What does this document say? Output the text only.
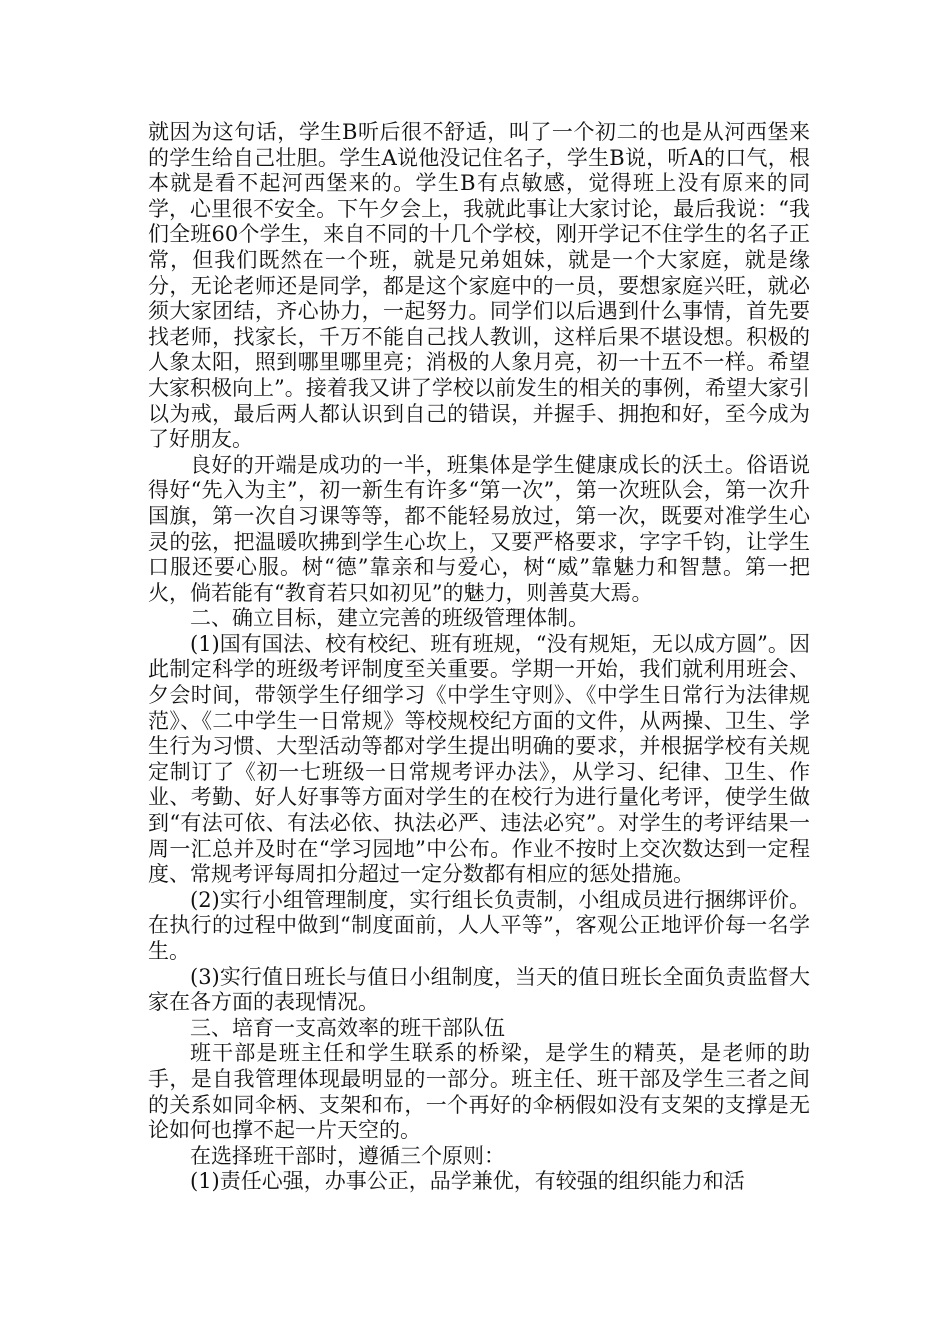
就因为这句话，学生B听后很不舒适，叫了一个初二的也是从河西堡来的学生给自己壮胆。学生A说他没记住名子，学生B说，听A的口气，根本就是看不起河西堡来的。学生B有点敏感，觉得班上没有原来的同学，心里很不安全。下午夕会上，我就此事让大家讨论，最后我说：“我们全班60个学生，来自不同的十几个学校，刚开学记不住学生的名子正常，但我们既然在一个班，就是兄弟姐妹，就是一个大家庭，就是缘分，无论老师还是同学，都是这个家庭中的一员，要想家庭兴旺，就必须大家团结，齐心协力，一起努力。同学们以后遇到什么事情，首先要找老师，找家长，千万不能自己找人教训，这样后果不堪设想。积极的人象太阳，照到哪里哪里亮；消极的人象月亮，初一十五不一样。希望大家积极向上”。接着我又讲了学校以前发生的相关的事例，希望大家引以为戒，最后两人都认识到自己的错误，并握手、拥抱和好，至今成为了好朋友。

良好的开端是成功的一半，班集体是学生健康成长的沃土。俗语说得好“先入为主”，初一新生有许多“第一次”，第一次班队会，第一次升国旗，第一次自习课等等，都不能轻易放过，第一次，既要对准学生心灵的弦，把温暖吹拂到学生心坎上，又要严格要求，字字千钧，让学生口服还要心服。树“德”靠亲和与爱心，树“威”靠魅力和智慧。第一把火，倘若能有“教育若只如初见”的魅力，则善莫大焉。

二、确立目标，建立完善的班级管理体制。

(1)国有国法、校有校纪、班有班规，“没有规矩，无以成方圆”。因此制定科学的班级考评制度至关重要。学期一开始，我们就利用班会、夕会时间，带领学生仔细学习《中学生守则》、《中学生日常行为法律规范》、《二中学生一日常规》等校规校纪方面的文件，从两操、卫生、学生行为习惯、大型活动等都对学生提出明确的要求，并根据学校有关规定制订了《初一七班级一日常规考评办法》，从学习、纪律、卫生、作业、考勤、好人好事等方面对学生的在校行为进行量化考评，使学生做到“有法可依、有法必依、执法必严、违法必究”。对学生的考评结果一周一汇总并及时在“学习园地”中公布。作业不按时上交次数达到一定程度、常规考评每周扣分超过一定分数都有相应的惩处措施。

(2)实行小组管理制度，实行组长负责制，小组成员进行捆绑评价。在执行的过程中做到“制度面前，人人平等”，客观公正地评价每一名学生。

(3)实行值日班长与值日小组制度，当天的值日班长全面负责监督大家在各方面的表现情况。

三、培育一支高效率的班干部队伍

班干部是班主任和学生联系的桥梁，是学生的精英，是老师的助手，是自我管理体现最明显的一部分。班主任、班干部及学生三者之间的关系如同伞柄、支架和布，一个再好的伞柄假如没有支架的支撑是无论如何也撑不起一片天空的。

在选择班干部时，遵循三个原则：

(1)责任心强，办事公正，品学兼优，有较强的组织能力和活
